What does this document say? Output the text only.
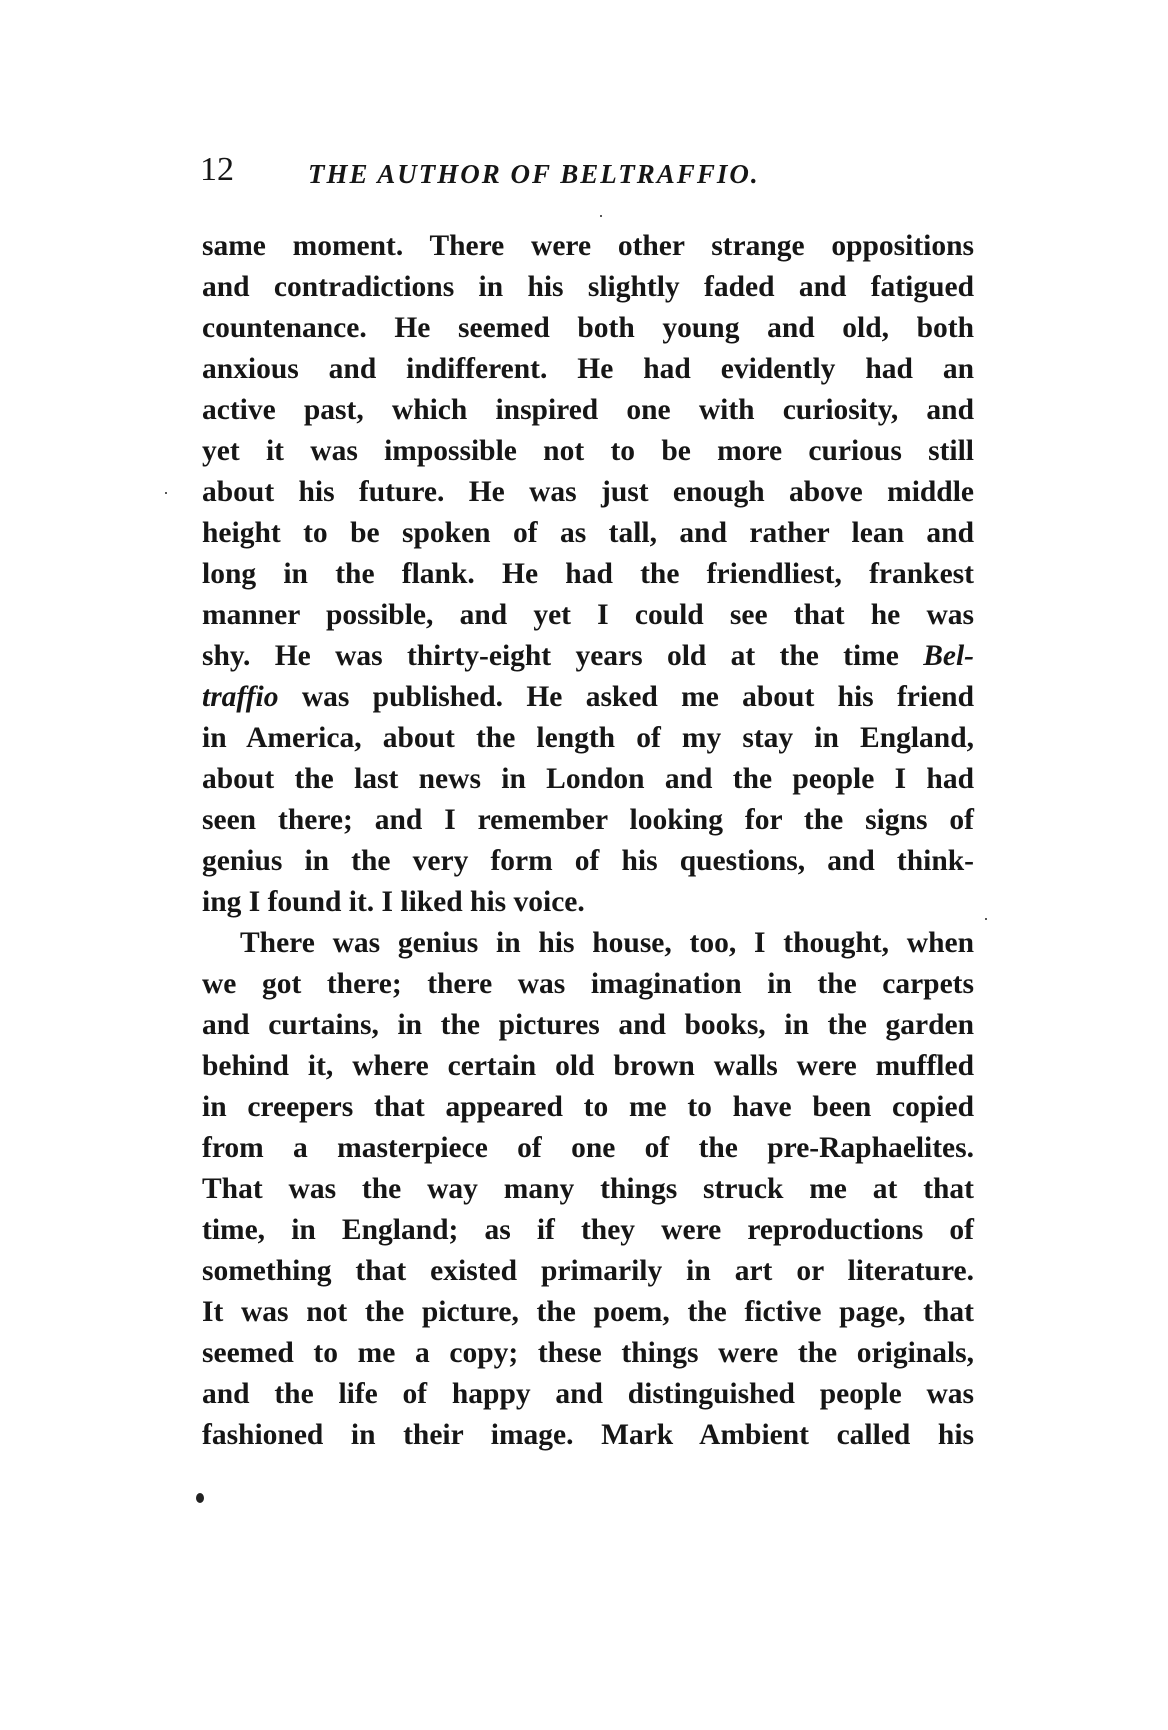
12	THE AUTHOR OF BELTRAFFIO.
same moment. There were other strange oppositions
and contradictions in his slightly faded and fatigued
countenance. He seemed both young and old, both
anxious and indifferent. He had evidently had an
active past, which inspired one with curiosity, and
yet it was impossible not to be more curious still
about his future. He was just enough above middle
height to be spoken of as tall, and rather lean and
long in the flank. He had the friendliest, frankest
manner possible, and yet I could see that he was
shy. He was thirty-eight years old at the time Bel-
traffio was published. He asked me about his friend
in America, about the length of my stay in England,
about the last news in London and the people I had
seen there; and I remember looking for the signs of
genius in the very form of his questions, and think-
ing I found it. I liked his voice.
There was genius in his house, too, I thought, when
we got there; there was imagination in the carpets
and curtains, in the pictures and books, in the garden
behind it, where certain old brown walls were muffled
in creepers that appeared to me to have been copied
from a masterpiece of one of the pre-Raphaelites.
That was the way many things struck me at that
time, in England; as if they were reproductions of
something that existed primarily in art or literature.
It was not the picture, the poem, the fictive page, that
seemed to me a copy; these things were the originals,
and the life of happy and distinguished people was
fashioned in their image. Mark Ambient called his
